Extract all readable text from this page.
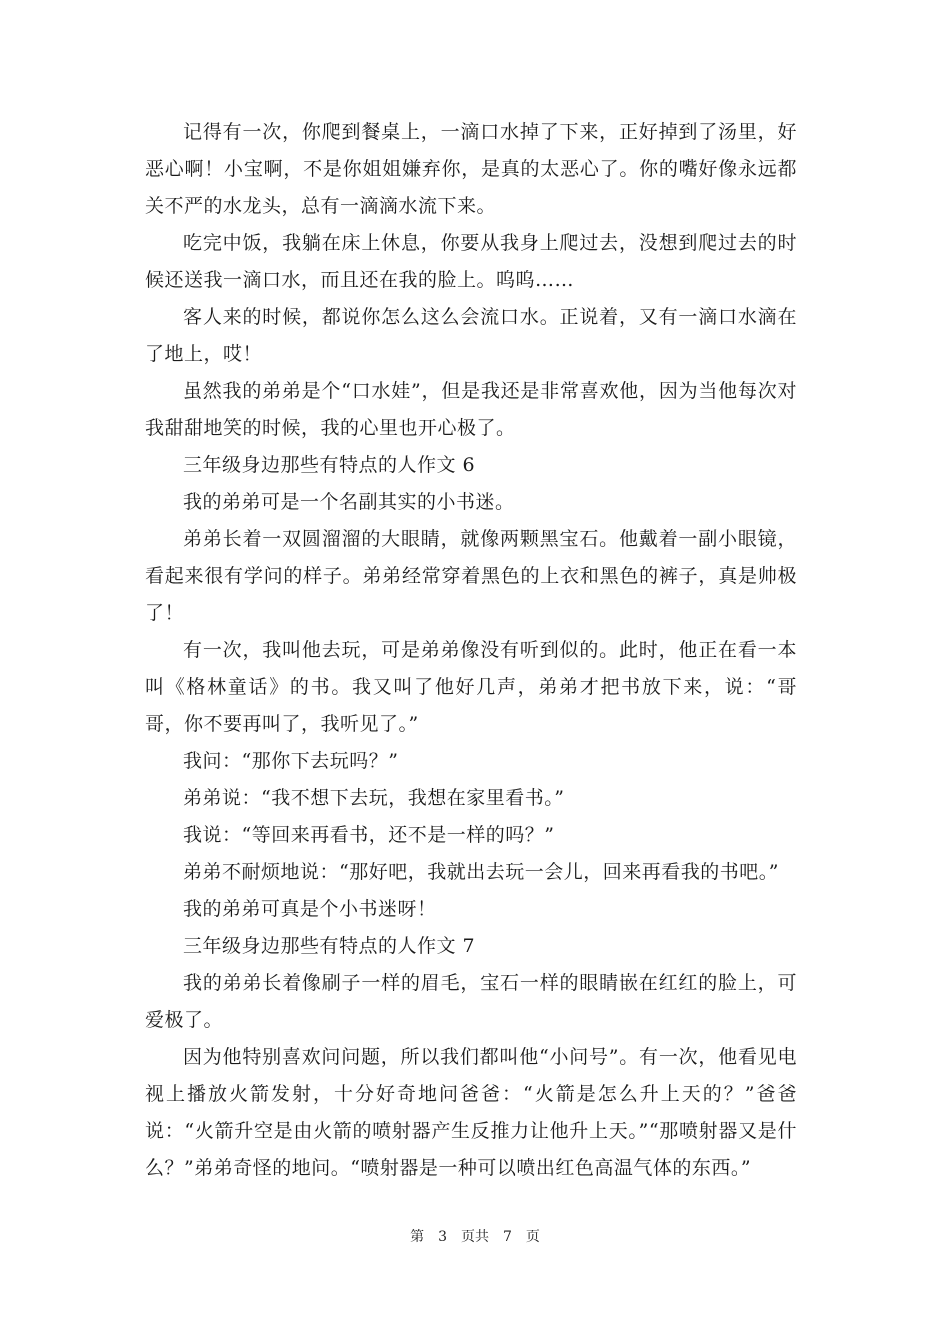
记得有一次，你爬到餐桌上，一滴口水掉了下来，正好掉到了汤里，好恶心啊！小宝啊，不是你姐姐嫌弃你，是真的太恶心了。你的嘴好像永远都关不严的水龙头，总有一滴滴水流下来。

吃完中饭，我躺在床上休息，你要从我身上爬过去，没想到爬过去的时候还送我一滴口水，而且还在我的脸上。呜呜……

客人来的时候，都说你怎么这么会流口水。正说着，又有一滴口水滴在了地上，哎！

虽然我的弟弟是个“口水娃”，但是我还是非常喜欢他，因为当他每次对我甜甜地笑的时候，我的心里也开心极了。

三年级身边那些有特点的人作文 6

我的弟弟可是一个名副其实的小书迷。

弟弟长着一双圆溜溜的大眼睛，就像两颗黑宝石。他戴着一副小眼镜，看起来很有学问的样子。弟弟经常穿着黑色的上衣和黑色的裤子，真是帅极了！

有一次，我叫他去玩，可是弟弟像没有听到似的。此时，他正在看一本叫《格林童话》的书。我又叫了他好几声，弟弟才把书放下来，说：“哥哥，你不要再叫了，我听见了。”

我问：“那你下去玩吗？”

弟弟说：“我不想下去玩，我想在家里看书。”

我说：“等回来再看书，还不是一样的吗？”

弟弟不耐烦地说：“那好吧，我就出去玩一会儿，回来再看我的书吧。”

我的弟弟可真是个小书迷呀！

三年级身边那些有特点的人作文 7

我的弟弟长着像刷子一样的眉毛，宝石一样的眼睛嵌在红红的脸上，可爱极了。

因为他特别喜欢问问题，所以我们都叫他“小问号”。有一次，他看见电视上播放火箭发射，十分好奇地问爸爸：“火箭是怎么升上天的？”爸爸说：“火箭升空是由火箭的喷射器产生反推力让他升上天。”“那喷射器又是什么？”弟弟奇怪的地问。“喷射器是一种可以喷出红色高温气体的东西。”

第 3 页共 7 页
